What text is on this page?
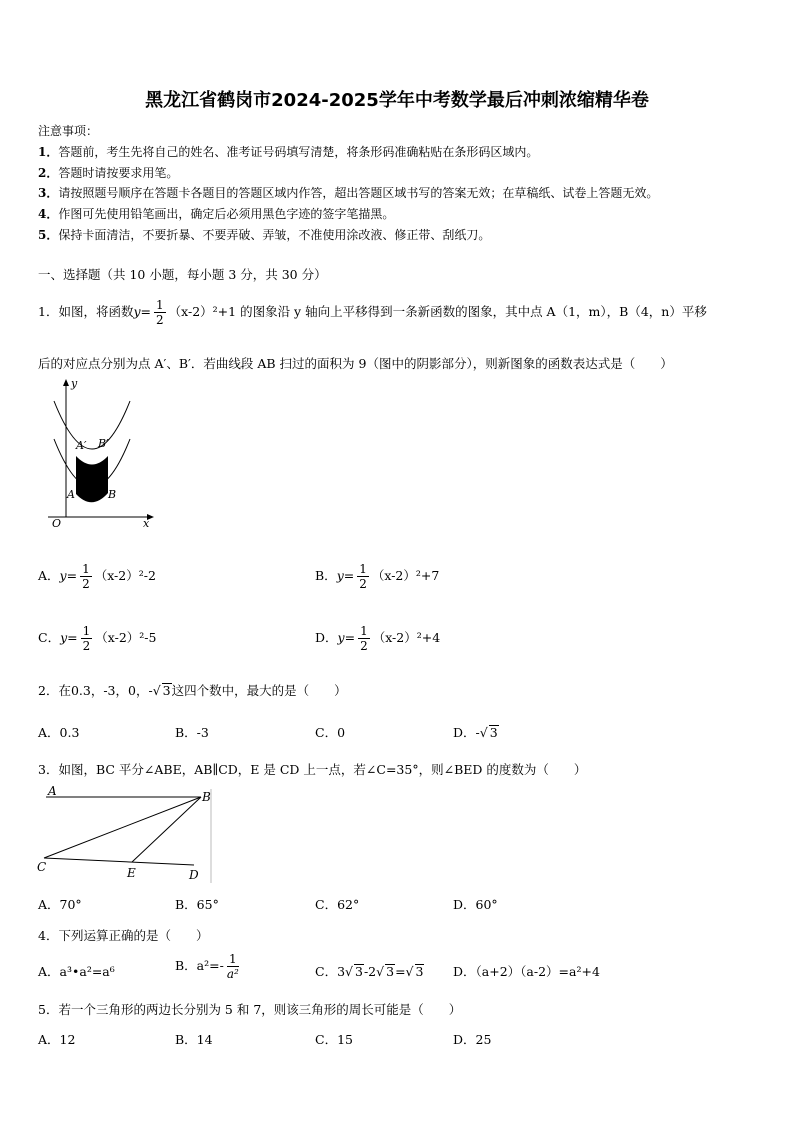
黑龙江省鹤岗市2024-2025学年中考数学最后冲刺浓缩精华卷
注意事项：
1．答题前，考生先将自己的姓名、准考证号码填写清楚，将条形码准确粘贴在条形码区域内。
2．答题时请按要求用笔。
3．请按照题号顺序在答题卡各题目的答题区域内作答，超出答题区域书写的答案无效；在草稿纸、试卷上答题无效。
4．作图可先使用铅笔画出，确定后必须用黑色字迹的签字笔描黑。
5．保持卡面清洁，不要折暴、不要弄破、弄皱，不准使用涂改液、修正带、刮纸刀。
一、选择题（共 10 小题，每小题 3 分，共 30 分）
1．如图，将函数$y= \frac{1}{2} (x-2)^2+1$ 的图象沿 y 轴向上平移得到一条新函数的图象，其中点 A（1，m），B（4，n）平移
后的对应点分别为点 A′、B′．若曲线段 AB 扫过的面积为 9（图中的阴影部分），则新图象的函数表达式是（　　）
A′ B′
A	B
O	x
y
A．$y= \frac{1}{2} (x-2)^2-2$	B．$y= \frac{1}{2} (x-2)^2+7$
C．$y= \frac{1}{2} (x-2)^2-5$	D．$y= \frac{1}{2} (x-2)^2+4$
2．在0.3，-3，0，-√ 3这四个数中，最大的是（　　）
A．0.3	B．-3	C．0	D．-√ 3
3．如图，BC 平分∠ABE，AB∥CD，E 是 CD 上一点，若∠C=35°，则∠BED 的度数为（　　）
A	B
C	E	D
A．70°	B．65°	C．62°	D．60°
4．下列运算正确的是（　　）
A．a³•a²=a⁶	B．$a^2=- \frac{1}{\text{a²}}$	C．3√ 3-2√ 3=√ 3 D．（a+2）（a-2）=a²+4
5．若一个三角形的两边长分别为 5 和 7，则该三角形的周长可能是（　　）
A．12	B．14	C．15	D．25
